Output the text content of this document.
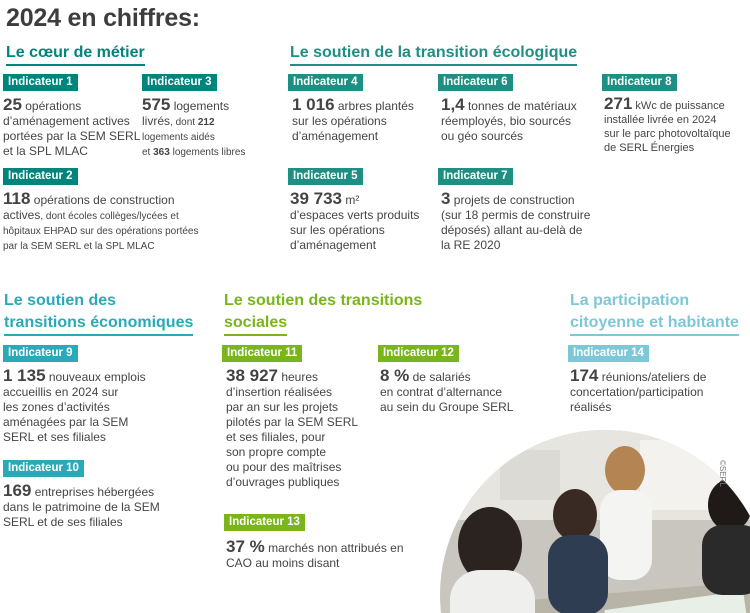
2024 en chiffres:
Le cœur de métier
Indicateur 1
25 opérations
d’aménagement actives
portées par la SEM SERL
et la SPL MLAC
Indicateur 3
575 logements
livrés, dont 212
logements aidés
et 363 logements libres
Indicateur 2
118 opérations de construction
actives, dont écoles collèges/lycées et
hôpitaux EHPAD sur des opérations portées
par la SEM SERL et la SPL MLAC
Le soutien de la transition écologique
Indicateur 4
1 016 arbres plantés
sur les opérations
d’aménagement
Indicateur 5
39 733 m²
d’espaces verts produits
sur les opérations
d’aménagement
Indicateur 6
1,4 tonnes de matériaux
réemployés, bio sourcés
ou géo sourcés
Indicateur 7
3 projets de construction
(sur 18 permis de construire
déposés) allant au-delà de
la RE 2020
Indicateur 8
271 kWc de puissance
installée livrée en 2024
sur le parc photovoltaïque
de SERL Énergies
Le soutien des
transitions économiques
Indicateur 9
1 135 nouveaux emplois
accueillis en 2024 sur
les zones d’activités
aménagées par la SEM
SERL et ses filiales
Indicateur 10
169 entreprises hébergées
dans le patrimoine de la SEM
SERL et de ses filiales
Le soutien des transitions
sociales
Indicateur 11
38 927 heures
d’insertion réalisées
par an sur les projets
pilotés par la SEM SERL
et ses filiales, pour
son propre compte
ou pour des maîtrises
d’ouvrages publiques
Indicateur 12
8 % de salariés
en contrat d’alternance
au sein du Groupe SERL
Indicateur 13
37 % marchés non attribués en
CAO au moins disant
La participation
citoyenne et habitante
Indicateur 14
174 réunions/ateliers de
concertation/participation
réalisés
©SERL
